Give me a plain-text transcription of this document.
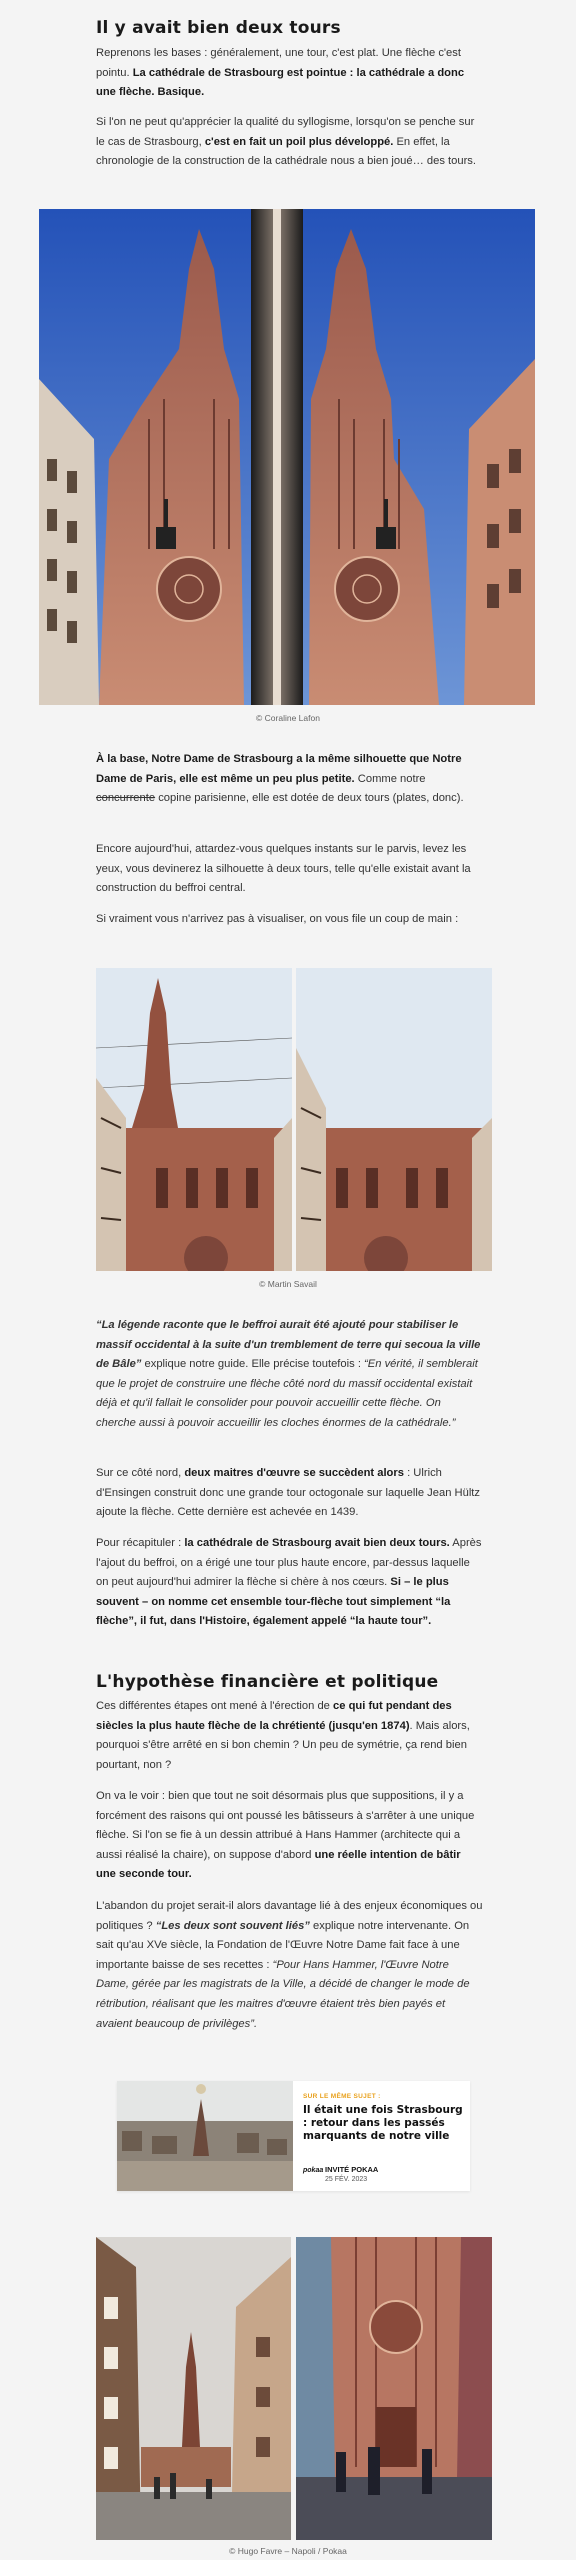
Il y avait bien deux tours

Reprenons les bases : généralement, une tour, c'est plat. Une flèche c'est pointu. La cathédrale de Strasbourg est pointue : la cathédrale a donc une flèche. Basique.

Si l'on ne peut qu'apprécier la qualité du syllogisme, lorsqu'on se penche sur le cas de Strasbourg, c'est en fait un poil plus développé. En effet, la chronologie de la construction de la cathédrale nous a bien joué… des tours.

© Coraline Lafon

À la base, Notre Dame de Strasbourg a la même silhouette que Notre Dame de Paris, elle est même un peu plus petite. Comme notre concurrente copine parisienne, elle est dotée de deux tours (plates, donc).

Encore aujourd'hui, attardez-vous quelques instants sur le parvis, levez les yeux, vous devinerez la silhouette à deux tours, telle qu'elle existait avant la construction du beffroi central.

Si vraiment vous n'arrivez pas à visualiser, on vous file un coup de main :

© Martin Savail

“La légende raconte que le beffroi aurait été ajouté pour stabiliser le massif occidental à la suite d'un tremblement de terre qui secoua la ville de Bâle” explique notre guide. Elle précise toutefois : “En vérité, il semblerait que le projet de construire une flèche côté nord du massif occidental existait déjà et qu'il fallait le consolider pour pouvoir accueillir cette flèche. On cherche aussi à pouvoir accueillir les cloches énormes de la cathédrale.”

Sur ce côté nord, deux maitres d'œuvre se succèdent alors : Ulrich d'Ensingen construit donc une grande tour octogonale sur laquelle Jean Hültz ajoute la flèche. Cette dernière est achevée en 1439.

Pour récapituler : la cathédrale de Strasbourg avait bien deux tours. Après l'ajout du beffroi, on a érigé une tour plus haute encore, par-dessus laquelle on peut aujourd'hui admirer la flèche si chère à nos cœurs. Si – le plus souvent – on nomme cet ensemble tour-flèche tout simplement “la flèche”, il fut, dans l'Histoire, également appelé “la haute tour”.

L'hypothèse financière et politique

Ces différentes étapes ont mené à l'érection de ce qui fut pendant des siècles la plus haute flèche de la chrétienté (jusqu'en 1874). Mais alors, pourquoi s'être arrêté en si bon chemin ? Un peu de symétrie, ça rend bien pourtant, non ?

On va le voir : bien que tout ne soit désormais plus que suppositions, il y a forcément des raisons qui ont poussé les bâtisseurs à s'arrêter à une unique flèche. Si l'on se fie à un dessin attribué à Hans Hammer (architecte qui a aussi réalisé la chaire), on suppose d'abord une réelle intention de bâtir une seconde tour.

L'abandon du projet serait-il alors davantage lié à des enjeux économiques ou politiques ? “Les deux sont souvent liés” explique notre intervenante. On sait qu'au XVe siècle, la Fondation de l'Œuvre Notre Dame fait face à une importante baisse de ses recettes : “Pour Hans Hammer, l'Œuvre Notre Dame, gérée par les magistrats de la Ville, a décidé de changer le mode de rétribution, réalisant que les maitres d'œuvre étaient très bien payés et avaient beaucoup de privilèges”.

SUR LE MÊME SUJET :
Il était une fois Strasbourg : retour dans les passés marquants de notre ville
pokaa INVITÉ POKAA
25 FÉV. 2023
© Hugo Favre – Napoli / Pokaa
